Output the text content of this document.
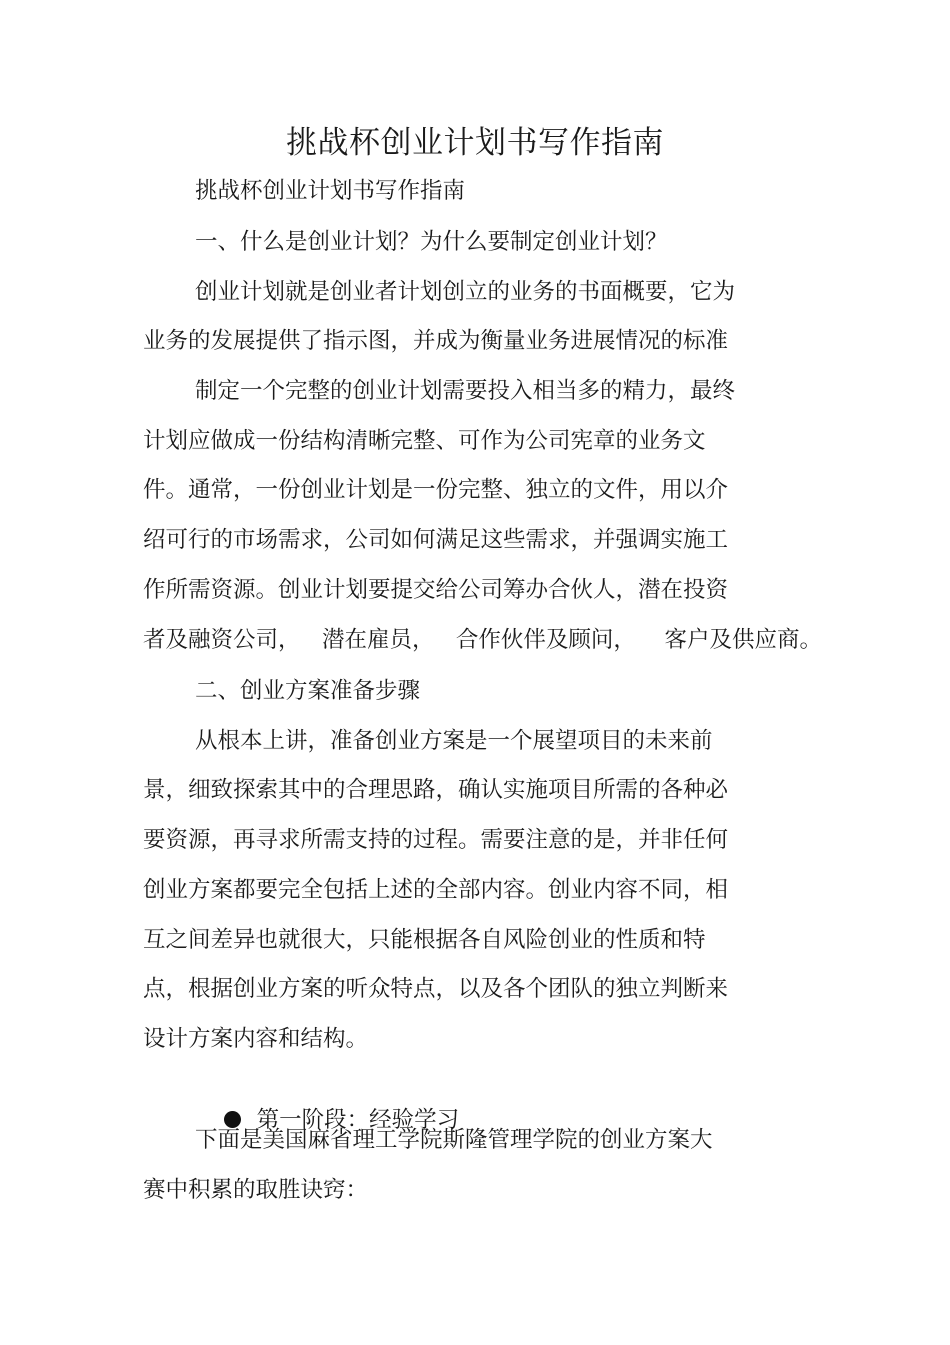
挑战杯创业计划书写作指南
挑战杯创业计划书写作指南
一、什么是创业计划？为什么要制定创业计划？
创业计划就是创业者计划创立的业务的书面概要，它为
业务的发展提供了指示图，并成为衡量业务进展情况的标准
制定一个完整的创业计划需要投入相当多的精力，最终
计划应做成一份结构清晰完整、可作为公司宪章的业务文
件。通常，一份创业计划是一份完整、独立的文件，用以介
绍可行的市场需求，公司如何满足这些需求，并强调实施工
作所需资源。创业计划要提交给公司筹办合伙人，潜在投资
者及融资公司，   潜在雇员，   合作伙伴及顾问，    客户及供应商。
二、创业方案准备步骤
从根本上讲，准备创业方案是一个展望项目的未来前
景，细致探索其中的合理思路，确认实施项目所需的各种必
要资源，再寻求所需支持的过程。需要注意的是，并非任何
创业方案都要完全包括上述的全部内容。创业内容不同，相
互之间差异也就很大，只能根据各自风险创业的性质和特
点，根据创业方案的听众特点，以及各个团队的独立判断来
设计方案内容和结构。

第一阶段：经验学习

下面是美国麻省理工学院斯隆管理学院的创业方案大
赛中积累的取胜诀窍：
